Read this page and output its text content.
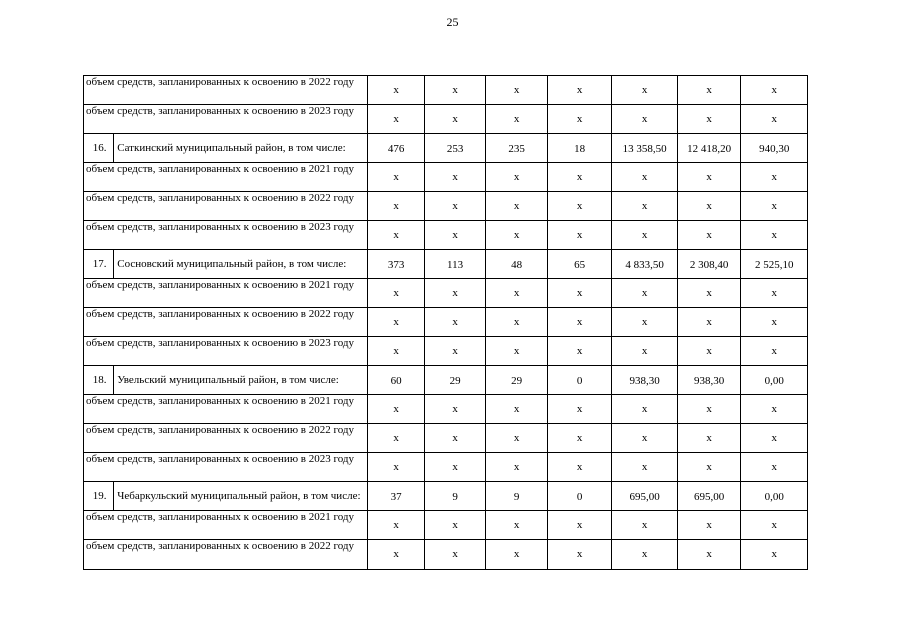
25
объем средств, запланированных к освоению в 2022 году		x	x	x	x	x	x	x
объем средств, запланированных к освоению в 2023 году		x	x	x	x	x	x	x
16.	Саткинский муниципальный район, в том числе:	476	253	235	18	13 358,50	12 418,20	940,30
объем средств, запланированных к освоению в 2021 году		x	x	x	x	x	x	x
объем средств, запланированных к освоению в 2022 году		x	x	x	x	x	x	x
объем средств, запланированных к освоению в 2023 году		x	x	x	x	x	x	x
17.	Сосновский муниципальный район, в том числе:	373	113	48	65	4 833,50	2 308,40	2 525,10
объем средств, запланированных к освоению в 2021 году		x	x	x	x	x	x	x
объем средств, запланированных к освоению в 2022 году		x	x	x	x	x	x	x
объем средств, запланированных к освоению в 2023 году		x	x	x	x	x	x	x
18.	Увельский муниципальный район, в том числе:	60	29	29	0	938,30	938,30	0,00
объем средств, запланированных к освоению в 2021 году		x	x	x	x	x	x	x
объем средств, запланированных к освоению в 2022 году		x	x	x	x	x	x	x
объем средств, запланированных к освоению в 2023 году		x	x	x	x	x	x	x
19.	Чебаркульский муниципальный район, в том числе:	37	9	9	0	695,00	695,00	0,00
объем средств, запланированных к освоению в 2021 году		x	x	x	x	x	x	x
объем средств, запланированных к освоению в 2022 году		x	x	x	x	x	x	x
